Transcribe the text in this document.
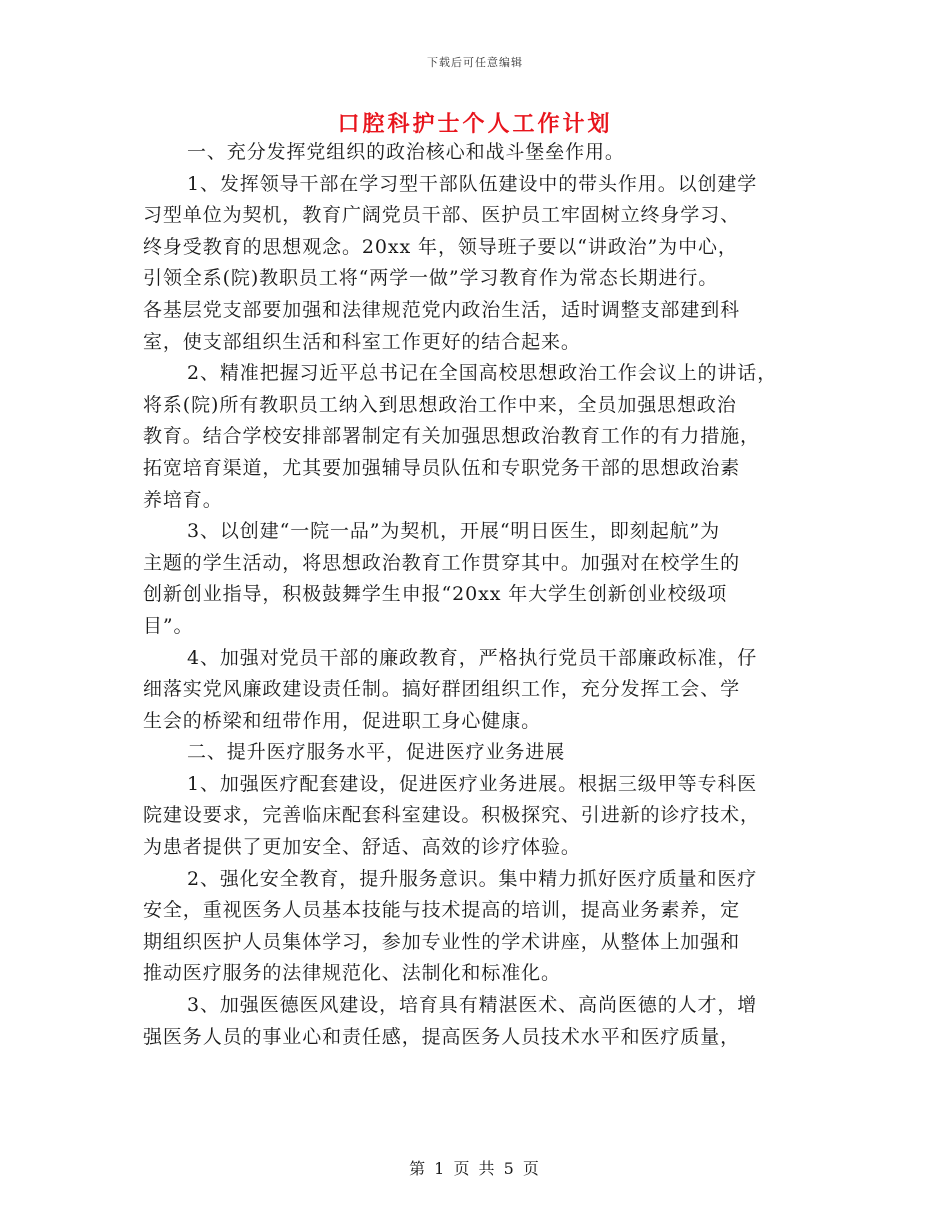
下载后可任意编辑
口腔科护士个人工作计划
一、充分发挥党组织的政治核心和战斗堡垒作用。
1、发挥领导干部在学习型干部队伍建设中的带头作用。以创建学
习型单位为契机，教育广阔党员干部、医护员工牢固树立终身学习、
终身受教育的思想观念。20xx 年，领导班子要以“讲政治”为中心，
引领全系(院)教职员工将“两学一做”学习教育作为常态长期进行。
各基层党支部要加强和法律规范党内政治生活，适时调整支部建到科
室，使支部组织生活和科室工作更好的结合起来。
2、精准把握习近平总书记在全国高校思想政治工作会议上的讲话，
将系(院)所有教职员工纳入到思想政治工作中来，全员加强思想政治
教育。结合学校安排部署制定有关加强思想政治教育工作的有力措施，
拓宽培育渠道，尤其要加强辅导员队伍和专职党务干部的思想政治素
养培育。
3、以创建“一院一品”为契机，开展“明日医生，即刻起航”为
主题的学生活动，将思想政治教育工作贯穿其中。加强对在校学生的
创新创业指导，积极鼓舞学生申报“20xx 年大学生创新创业校级项
目”。
4、加强对党员干部的廉政教育，严格执行党员干部廉政标准，仔
细落实党风廉政建设责任制。搞好群团组织工作，充分发挥工会、学
生会的桥梁和纽带作用，促进职工身心健康。
二、提升医疗服务水平，促进医疗业务进展
1、加强医疗配套建设，促进医疗业务进展。根据三级甲等专科医
院建设要求，完善临床配套科室建设。积极探究、引进新的诊疗技术，
为患者提供了更加安全、舒适、高效的诊疗体验。
2、强化安全教育，提升服务意识。集中精力抓好医疗质量和医疗
安全，重视医务人员基本技能与技术提高的培训，提高业务素养，定
期组织医护人员集体学习，参加专业性的学术讲座，从整体上加强和
推动医疗服务的法律规范化、法制化和标准化。
3、加强医德医风建设，培育具有精湛医术、高尚医德的人才，增
强医务人员的事业心和责任感，提高医务人员技术水平和医疗质量，
第 1 页 共 5 页
